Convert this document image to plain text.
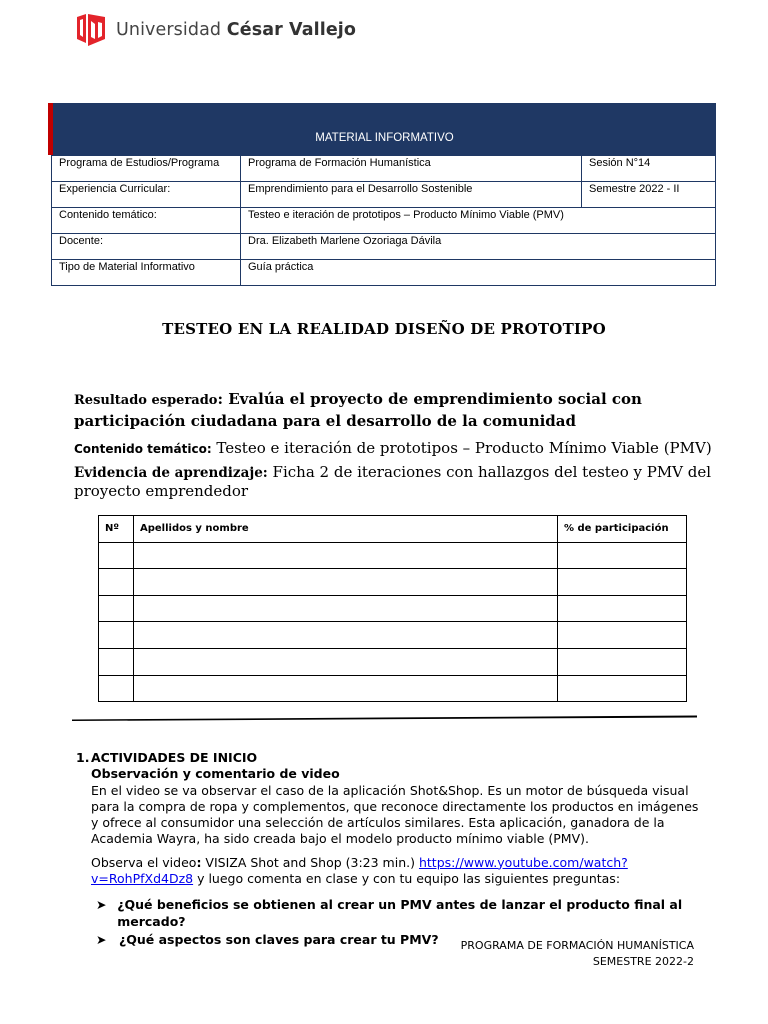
Universidad César Vallejo
MATERIAL INFORMATIVO
Programa de Estudios/Programa	Programa de Formación Humanística	Sesión N°14
Experiencia Curricular:	Emprendimiento para el Desarrollo Sostenible	Semestre 2022 - II
Contenido temático:	Testeo e iteración de prototipos – Producto Mínimo Viable (PMV)	
Docente:	Dra. Elizabeth Marlene Ozoriaga Dávila	
Tipo de Material Informativo	Guía práctica	
TESTEO EN LA REALIDAD DISEÑO DE PROTOTIPO
Resultado esperado: Evalúa el proyecto de emprendimiento social con participación ciudadana para el desarrollo de la comunidad
Contenido temático: Testeo e iteración de prototipos – Producto Mínimo Viable (PMV)
Evidencia de aprendizaje: Ficha 2 de iteraciones con hallazgos del testeo y PMV del proyecto emprendedor
Nº	Apellidos y nombre	% de participación

1. ACTIVIDADES DE INICIO
Observación y comentario de video
En el video se va observar el caso de la aplicación Shot&Shop. Es un motor de búsqueda visual para la compra de ropa y complementos, que reconoce directamente los productos en imágenes y ofrece al consumidor una selección de artículos similares. Esta aplicación, ganadora de la Academia Wayra, ha sido creada bajo el modelo producto mínimo viable (PMV).
Observa el video: VISIZA Shot and Shop (3:23 min.) https://www.youtube.com/watch?v=RohPfXd4Dz8 y luego comenta en clase y con tu equipo las siguientes preguntas:
➤ ¿Qué beneficios se obtienen al crear un PMV antes de lanzar el producto final al mercado?
➤	¿Qué aspectos son claves para crear tu PMV? PROGRAMA DE FORMACIÓN HUMANÍSTICA
SEMESTRE 2022-2
